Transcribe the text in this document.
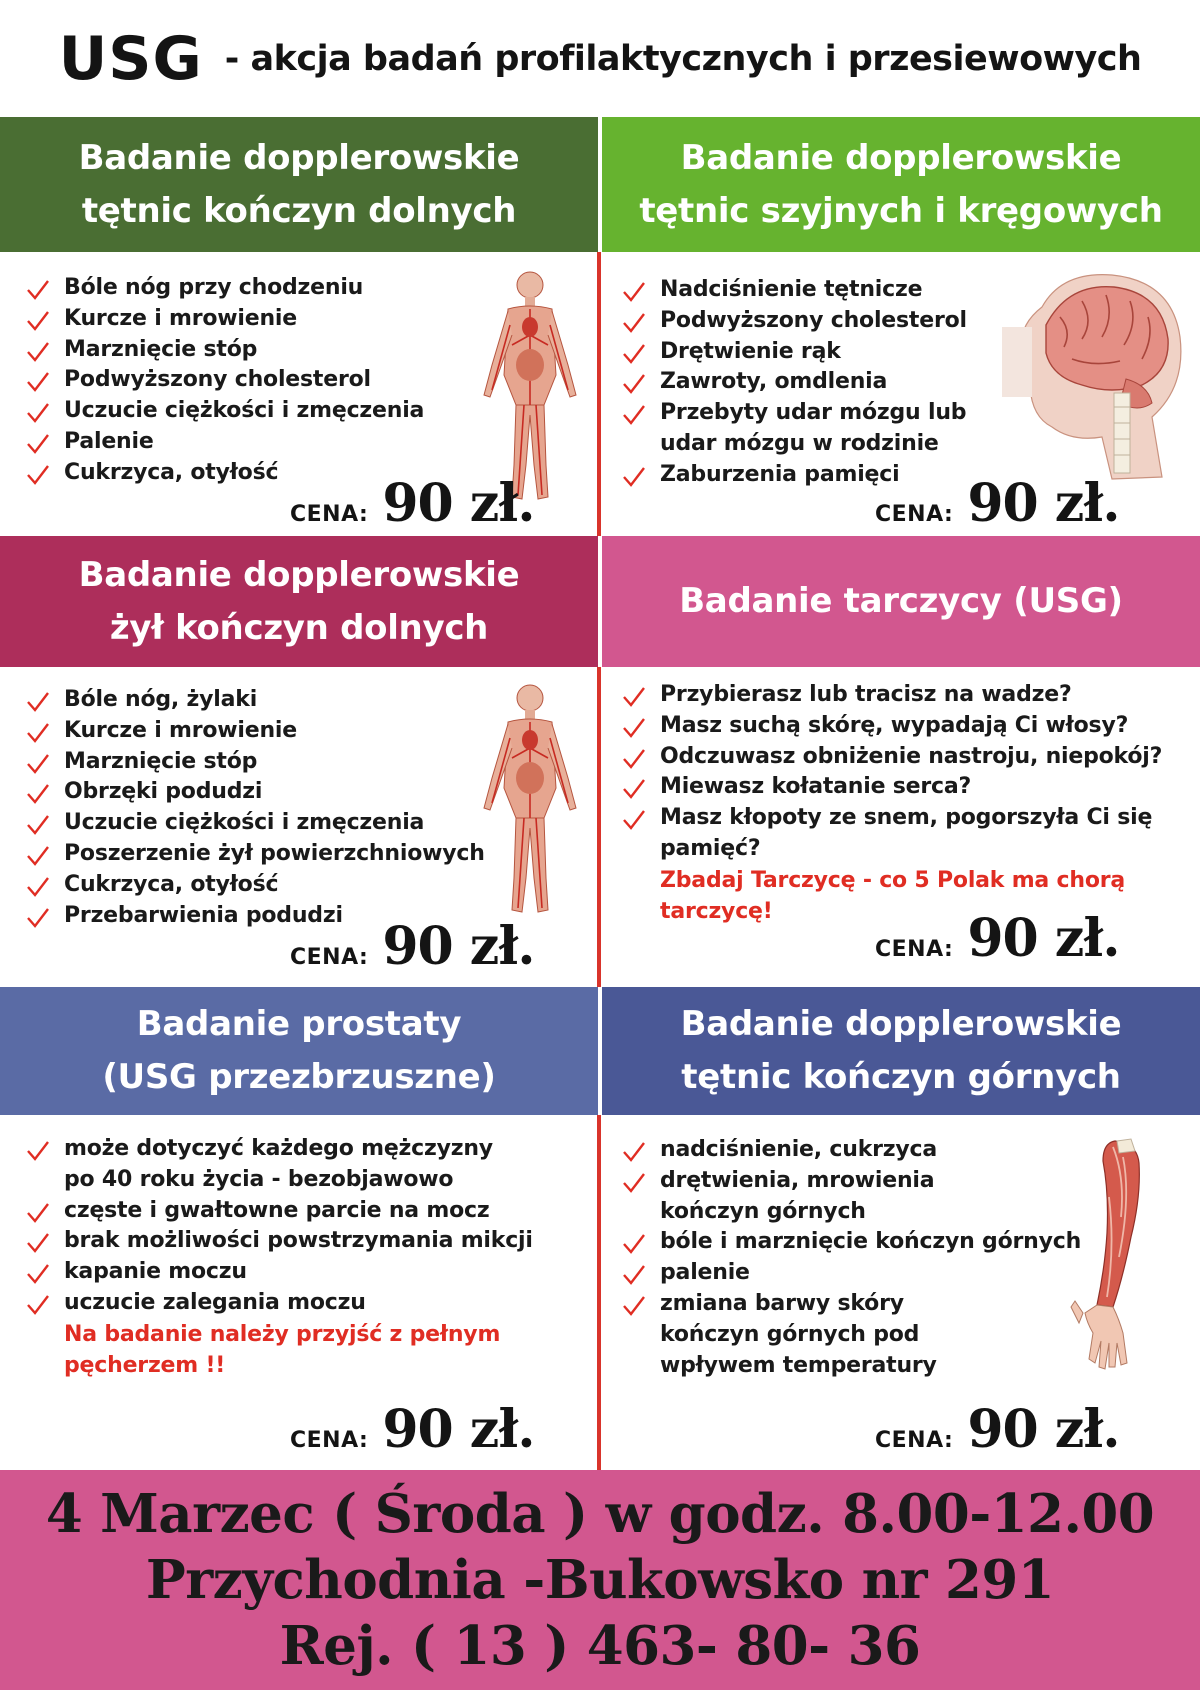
USG - akcja badań profilaktycznych i przesiewowych
Badanie dopplerowskie
tętnic kończyn dolnych
Bóle nóg przy chodzeniu
Kurcze i mrowienie
Marznięcie stóp
Podwyższony cholesterol
Uczucie ciężkości i zmęczenia
Palenie
Cukrzyca, otyłość
CENA: 90 zł.
Badanie dopplerowskie
tętnic szyjnych i kręgowych
Nadciśnienie tętnicze
Podwyższony cholesterol
Drętwienie rąk
Zawroty, omdlenia
Przebyty udar mózgu lub
udar mózgu w rodzinie
Zaburzenia pamięci
CENA: 90 zł.
Badanie dopplerowskie
żył kończyn dolnych
Bóle nóg, żylaki
Kurcze i mrowienie
Marznięcie stóp
Obrzęki podudzi
Uczucie ciężkości i zmęczenia
Poszerzenie żył powierzchniowych
Cukrzyca, otyłość
Przebarwienia podudzi
CENA: 90 zł.
Badanie tarczycy (USG)
Przybierasz lub tracisz na wadze?
Masz suchą skórę, wypadają Ci włosy?
Odczuwasz obniżenie nastroju, niepokój?
Miewasz kołatanie serca?
Masz kłopoty ze snem, pogorszyła Ci się
pamięć?
Zbadaj Tarczycę - co 5 Polak ma chorą
tarczycę!
CENA: 90 zł.
Badanie prostaty
(USG przezbrzuszne)
może dotyczyć każdego mężczyzny
po 40 roku życia - bezobjawowo
częste i gwałtowne parcie na mocz
brak możliwości powstrzymania mikcji
kapanie moczu
uczucie zalegania moczu
Na badanie należy przyjść z pełnym
pęcherzem !!
CENA: 90 zł.
Badanie dopplerowskie
tętnic kończyn górnych
nadciśnienie, cukrzyca
drętwienia, mrowienia
kończyn górnych
bóle i marznięcie kończyn górnych
palenie
zmiana barwy skóry
kończyn górnych pod
wpływem temperatury
CENA: 90 zł.
4 Marzec ( Środa ) w godz. 8.00-12.00
Przychodnia -Bukowsko nr 291
Rej. ( 13 ) 463- 80- 36
